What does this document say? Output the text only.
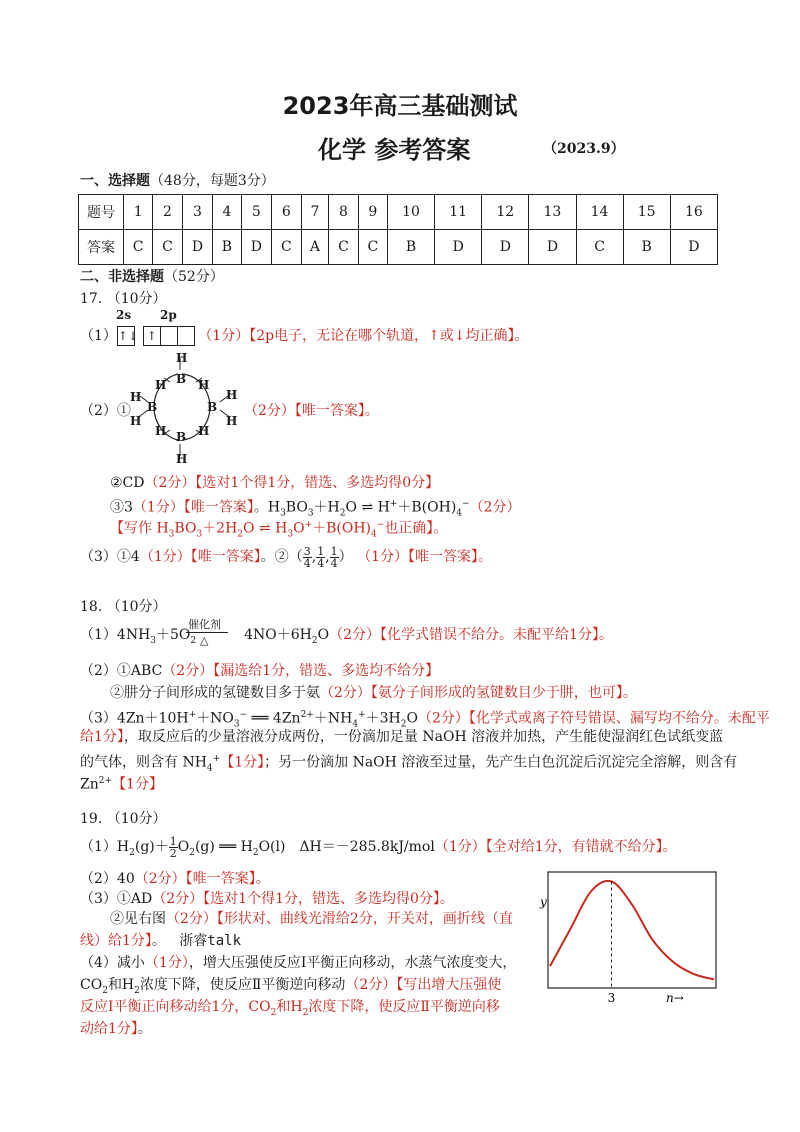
2023年高三基础测试
化学 参考答案	（2023.9）
一、选择题（48分，每题3分）
题号	1	2	3	4	5	6	7	8	9	10	11	12	13	14	15	16
答案	C	C	D	B	D	C	A	C	C	B	D	D	D	C	B	D
二、非选择题（52分）
17. （10分）
2s 2p
（1）↑↓ ↑	（1分）【2p电子，无论在哪个轨道，↑或↓均正确】。
H
B
H	H
H
B	B
H
H	H
H	H
B
H
（2）①	（2分）【唯一答案】。
②CD（2分）【选对1个得1分，错选、多选均得0分】
③3（1分）【唯一答案】。$H_3BO_3+H_2O$ ⇌ $H^++B(OH)_4^-(2$分）
【写作 $H_3BO_3+2H_2O$ ⇌ $H_3O^++B(OH)_4^-$也正确】。
（3）①4（1分）【唯一答案】。②（ $\frac{3}{4}$ , $\frac{1}{4}$ , $\frac{1}{4}$ ） （1分）【唯一答案】。
18. （10分）
催化剂
△
$(1)4NH_3+5O_2$	$4NO+6H_2O(2$分）【化学式错误不给分。未配平给1分】。
（2）①ABC（2分）【漏选给1分，错选、多选均不给分】
②肼分子间形成的氢键数目多于氨（2分）【氨分子间形成的氢键数目少于肼，也可】。
$(3)4Zn+10H^++NO_3^-$ ══ $4Zn^{2+}+NH_4^++3H_2O(2$分）【化学式或离子符号错误、漏写均不给分。未配平
给1分】，取反应后的少量溶液分成两份，一份滴加足量 NaOH 溶液并加热，产生能使湿润红色试纸变蓝
的气体，则含有 $NH_4^+$【1分】；另一份滴加 NaOH 溶液至过量，先产生白色沉淀后沉淀完全溶解，则含有
$Zn^{2+}$【1分】
19. （10分）
$(1)H_2(g)+ \frac{1}{2} O_2(g)$ ══ $H_2O(l)$　ΔH＝－285.8kJ/mol（1分）【全对给1分，有错就不给分】。
（2）40（2分）【唯一答案】。
（3）①AD（2分）【选对1个得1分，错选、多选均得0分】。
②见右图（2分）【形状对、曲线光滑给2分，开关对，画折线（直
线）给1分】。 浙睿talk
（4）减小（1分），增大压强使反应Ⅰ平衡正向移动，水蒸气浓度变大，
$CO_2$和$H_2$浓度下降，使反应Ⅱ平衡逆向移动（2分）【写出增大压强使
反应Ⅰ平衡正向移动给1分，$CO_2$和$H_2$浓度下降，使反应Ⅱ平衡逆向移
动给1分】。
3	n→
y
